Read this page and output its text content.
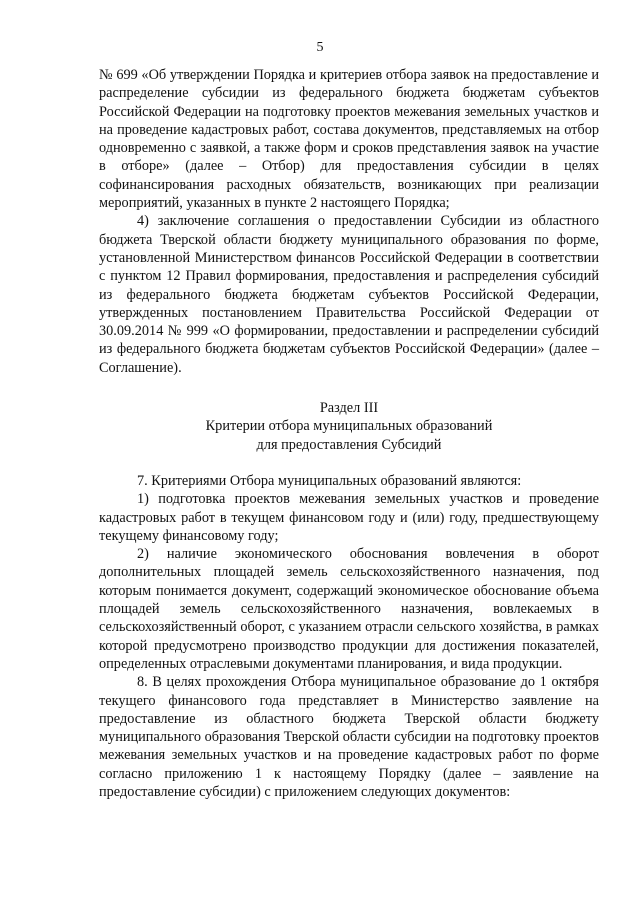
5

№ 699 «Об утверждении Порядка и критериев отбора заявок на предоставление и распределение субсидии из федерального бюджета бюджетам субъектов Российской Федерации на подготовку проектов межевания земельных участков и на проведение кадастровых работ, состава документов, представляемых на отбор одновременно с заявкой, а также форм и сроков представления заявок на участие в отборе» (далее – Отбор) для предоставления субсидии в целях софинансирования расходных обязательств, возникающих при реализации мероприятий, указанных в пункте 2 настоящего Порядка;

4) заключение соглашения о предоставлении Субсидии из областного бюджета Тверской области бюджету муниципального образования по форме, установленной Министерством финансов Российской Федерации в соответствии с пунктом 12 Правил формирования, предоставления и распределения субсидий из федерального бюджета бюджетам субъектов Российской Федерации, утвержденных постановлением Правительства Российской Федерации от 30.09.2014 № 999 «О формировании, предоставлении и распределении субсидий из федерального бюджета бюджетам субъектов Российской Федерации» (далее – Соглашение).

Раздел III

Критерии отбора муниципальных образований

для предоставления Субсидий

7. Критериями Отбора муниципальных образований являются:

1) подготовка проектов межевания земельных участков и проведение кадастровых работ в текущем финансовом году и (или) году, предшествующему текущему финансовому году;

2) наличие экономического обоснования вовлечения в оборот дополнительных площадей земель сельскохозяйственного назначения, под которым понимается документ, содержащий экономическое обоснование объема площадей земель сельскохозяйственного назначения, вовлекаемых в сельскохозяйственный оборот, с указанием отрасли сельского хозяйства, в рамках которой предусмотрено производство продукции для достижения показателей, определенных отраслевыми документами планирования, и вида продукции.

8. В целях прохождения Отбора муниципальное образование до 1 октября текущего финансового года представляет в Министерство заявление на предоставление из областного бюджета Тверской области бюджету муниципального образования Тверской области субсидии на подготовку проектов межевания земельных участков и на проведение кадастровых работ по форме согласно приложению 1 к настоящему Порядку (далее – заявление на предоставление субсидии) с приложением следующих документов:
